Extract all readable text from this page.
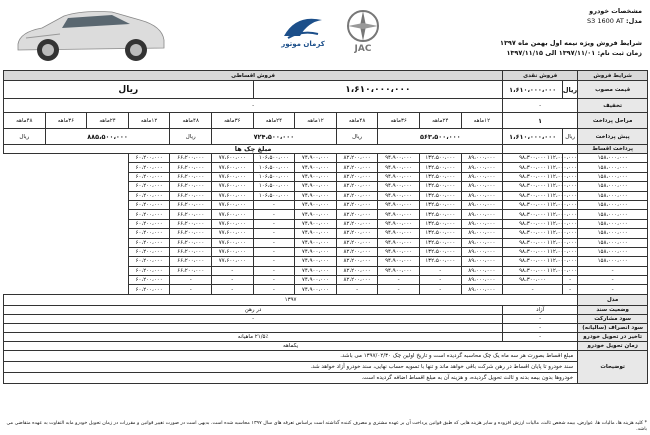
کرمان موتور	JAC
مشخصات خودرو
مدل: S3 1600 AT
شرایط فروش ویژه نیمه اول بهمن ماه ۱۳۹۷
زمان ثبت نام: ۱۳۹۷/۱۱/۰۱ الی ۱۳۹۷/۱۱/۱۵
شرایط فروش	فروش نقدی		فروش اقساطی											
قیمت مصوب	ریال	۱،۶۱۰،۰۰۰،۰۰۰	۱،۶۱۰،۰۰۰،۰۰۰						ریال					
تخفیف	-		-											
مراحل پرداخت	۱		۱۲ماهه	۲۴ماهه	۳۶ماهه	۴۸ماهه	۱۲ماهه	۲۴ماهه	۳۶ماهه	۴۸ماهه	۱۲ماهه	۲۴ماهه	۳۶ماهه	۴۸ماهه
پیش پرداخت	ریال	۱،۶۱۰،۰۰۰،۰۰۰	۵۶۳،۵۰۰،۰۰۰			ریال	۷۲۴،۵۰۰،۰۰۰			ریال	۸۸۵،۵۰۰،۰۰۰			ریال
پرداخت اقساط			مبلغ چک ها											
۱۵۸،۰۰۰،۰۰۰	۱۱۲،۰۰۰،۰۰۰	۹۸،۳۰۰،۰۰۰	۸۹،۰۰۰،۰۰۰	۱۳۲،۵۰۰،۰۰۰	۹۴،۹۰۰،۰۰۰	۸۲،۲۰۰،۰۰۰	۷۴،۹۰۰،۰۰۰	۱۰۶،۵۰۰،۰۰۰	۷۷،۶۰۰،۰۰۰	۶۶،۲۰۰،۰۰۰	۶۰،۲۰۰،۰۰۰			
۱۵۸،۰۰۰،۰۰۰	۱۱۲،۰۰۰،۰۰۰	۹۸،۳۰۰،۰۰۰	۸۹،۰۰۰،۰۰۰	۱۳۲،۵۰۰،۰۰۰	۹۴،۹۰۰،۰۰۰	۸۲،۲۰۰،۰۰۰	۷۴،۹۰۰،۰۰۰	۱۰۶،۵۰۰،۰۰۰	۷۷،۶۰۰،۰۰۰	۶۶،۲۰۰،۰۰۰	۶۰،۲۰۰،۰۰۰			
۱۵۸،۰۰۰،۰۰۰	۱۱۲،۰۰۰،۰۰۰	۹۸،۳۰۰،۰۰۰	۸۹،۰۰۰،۰۰۰	۱۳۲،۵۰۰،۰۰۰	۹۴،۹۰۰،۰۰۰	۸۲،۲۰۰،۰۰۰	۷۴،۹۰۰،۰۰۰	۱۰۶،۵۰۰،۰۰۰	۷۷،۶۰۰،۰۰۰	۶۶،۲۰۰،۰۰۰	۶۰،۲۰۰،۰۰۰			
۱۵۸،۰۰۰،۰۰۰	۱۱۲،۰۰۰،۰۰۰	۹۸،۳۰۰،۰۰۰	۸۹،۰۰۰،۰۰۰	۱۳۲،۵۰۰،۰۰۰	۹۴،۹۰۰،۰۰۰	۸۲،۲۰۰،۰۰۰	۷۴،۹۰۰،۰۰۰	۱۰۶،۵۰۰،۰۰۰	۷۷،۶۰۰،۰۰۰	۶۶،۲۰۰،۰۰۰	۶۰،۲۰۰،۰۰۰			
۱۵۸،۰۰۰،۰۰۰	۱۱۲،۰۰۰،۰۰۰	۹۸،۳۰۰،۰۰۰	۸۹،۰۰۰،۰۰۰	۱۳۲،۵۰۰،۰۰۰	۹۴،۹۰۰،۰۰۰	۸۲،۲۰۰،۰۰۰	۷۴،۹۰۰،۰۰۰	۱۰۶،۵۰۰،۰۰۰	۷۷،۶۰۰،۰۰۰	۶۶،۲۰۰،۰۰۰	۶۰،۲۰۰،۰۰۰			
۱۵۸،۰۰۰،۰۰۰	۱۱۲،۰۰۰،۰۰۰	۹۸،۳۰۰،۰۰۰	۸۹،۰۰۰،۰۰۰	۱۳۲،۵۰۰،۰۰۰	۹۴،۹۰۰،۰۰۰	۸۲،۲۰۰،۰۰۰	۷۴،۹۰۰،۰۰۰	-	۷۷،۶۰۰،۰۰۰	۶۶،۲۰۰،۰۰۰	۶۰،۲۰۰،۰۰۰			
۱۵۸،۰۰۰،۰۰۰	۱۱۲،۰۰۰،۰۰۰	۹۸،۳۰۰،۰۰۰	۸۹،۰۰۰،۰۰۰	۱۳۲،۵۰۰،۰۰۰	۹۴،۹۰۰،۰۰۰	۸۲،۲۰۰،۰۰۰	۷۴،۹۰۰،۰۰۰	-	۷۷،۶۰۰،۰۰۰	۶۶،۲۰۰،۰۰۰	۶۰،۲۰۰،۰۰۰			
۱۵۸،۰۰۰،۰۰۰	۱۱۲،۰۰۰،۰۰۰	۹۸،۳۰۰،۰۰۰	۸۹،۰۰۰،۰۰۰	۱۳۲،۵۰۰،۰۰۰	۹۴،۹۰۰،۰۰۰	۸۲،۲۰۰،۰۰۰	۷۴،۹۰۰،۰۰۰	-	۷۷،۶۰۰،۰۰۰	۶۶،۲۰۰،۰۰۰	۶۰،۲۰۰،۰۰۰			
۱۵۸،۰۰۰،۰۰۰	۱۱۲،۰۰۰،۰۰۰	۹۸،۳۰۰،۰۰۰	۸۹،۰۰۰،۰۰۰	۱۳۲،۵۰۰،۰۰۰	۹۴،۹۰۰،۰۰۰	۸۲،۲۰۰،۰۰۰	۷۴،۹۰۰،۰۰۰	-	۷۷،۶۰۰،۰۰۰	۶۶،۲۰۰،۰۰۰	۶۰،۲۰۰،۰۰۰			
۱۵۸،۰۰۰،۰۰۰	۱۱۲،۰۰۰،۰۰۰	۹۸،۳۰۰،۰۰۰	۸۹،۰۰۰،۰۰۰	۱۳۲،۵۰۰،۰۰۰	۹۴،۹۰۰،۰۰۰	۸۲،۲۰۰،۰۰۰	۷۴،۹۰۰،۰۰۰	-	۷۷،۶۰۰،۰۰۰	۶۶،۲۰۰،۰۰۰	۶۰،۲۰۰،۰۰۰			
۱۵۸،۰۰۰،۰۰۰	۱۱۲،۰۰۰،۰۰۰	۹۸،۳۰۰،۰۰۰	۸۹،۰۰۰،۰۰۰	۱۳۲،۵۰۰،۰۰۰	۹۴،۹۰۰،۰۰۰	۸۲،۲۰۰،۰۰۰	۷۴،۹۰۰،۰۰۰	-	۷۷،۶۰۰،۰۰۰	۶۶،۲۰۰،۰۰۰	۶۰،۲۰۰،۰۰۰			
۱۵۸،۰۰۰،۰۰۰	۱۱۲،۰۰۰،۰۰۰	۹۸،۳۰۰،۰۰۰	۸۹،۰۰۰،۰۰۰	۱۳۲،۵۰۰،۰۰۰	۹۴،۹۰۰،۰۰۰	۸۲،۲۰۰،۰۰۰	۷۴،۹۰۰،۰۰۰	-	۷۷،۶۰۰،۰۰۰	۶۶،۲۰۰،۰۰۰	۶۰،۲۰۰،۰۰۰			
-	۱۱۲،۰۰۰،۰۰۰	۹۸،۳۰۰،۰۰۰	۸۹،۰۰۰،۰۰۰	-	۹۴،۹۰۰،۰۰۰	۸۲،۲۰۰،۰۰۰	۷۴،۹۰۰،۰۰۰	-	-	۶۶،۲۰۰،۰۰۰	۶۰،۲۰۰،۰۰۰			
-	-	۹۸،۳۰۰،۰۰۰	۸۹،۰۰۰،۰۰۰	-	-	۸۲،۲۰۰،۰۰۰	۷۴،۹۰۰،۰۰۰	-	-	-	۶۰،۲۰۰،۰۰۰			
-	-	-	۸۹،۰۰۰،۰۰۰	-	-	-	۷۴،۹۰۰،۰۰۰	-	-	-	۶۰،۲۰۰،۰۰۰			
مدل	۱۳۹۷													
وضعیت سند	آزاد		در رهن											
سود مشارکت	-		-											
سود انصراف (سالیانه)	-													
تاخیر در تحویل خودرو	-		۲۱/۵٪ ماهیانه											
زمان تحویل خودرو	یکماهه													
توضیحات	مبلغ اقساط بصورت هر سه ماه یک چک محاسبه گردیده است و تاریخ اولین چک ۱۳۹۷/۰۲/۳۰ می باشد.													
	سند خودرو تا پایان اقساط در رهن شرکت باقی خواهد ماند و تنها با تسویه حساب نهایی، سند خودرو آزاد خواهد شد.													
	خودروها بدون بیمه بدنه و ثالث تحویل گردیده، و هزینه آن به مبلغ اقساط اضافه گردیده است.													
* کلیه هزینه ها، مالیات ها، عوارض، بیمه شخص ثالث، مالیات ارزش افزوده و سایر هزینه هایی که طبق قوانین پرداخت آن بر عهده مشتری و مصرف کننده گذاشته است براساس تعرفه های سال ۱۳۹۷ محاسبه شده است. بدیهی است در صورت تغییر قوانین و مقررات در زمان تحویل خودرو مابه التفاوت به عهده متقاضی می باشد.
